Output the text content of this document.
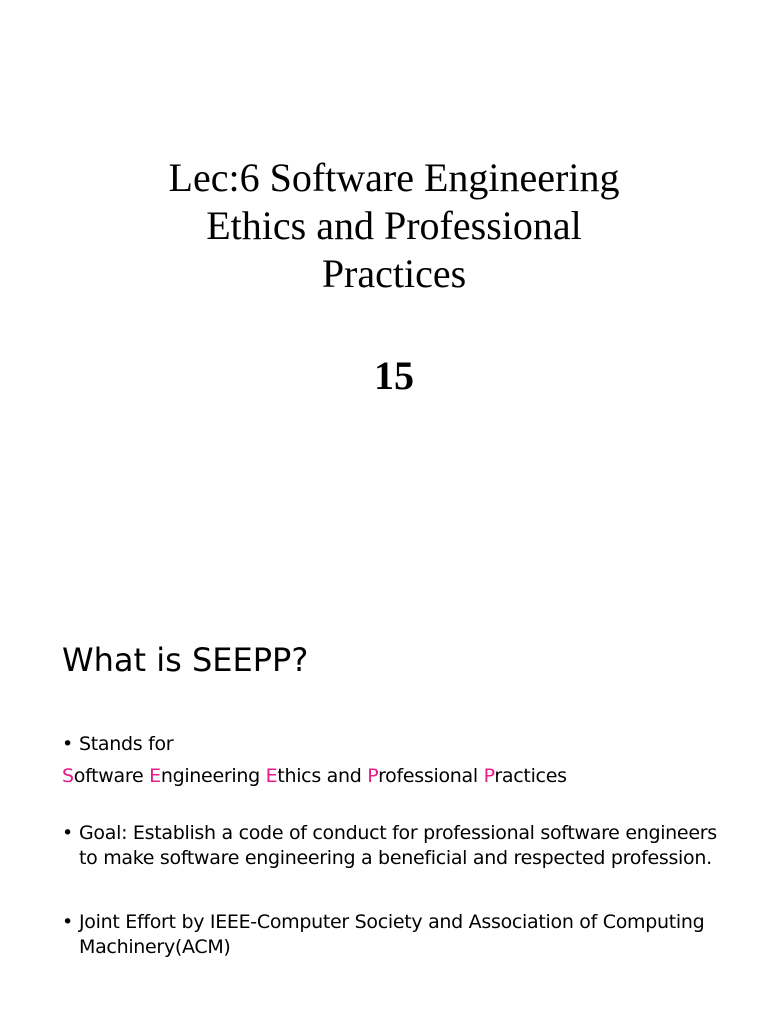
Lec:6 Software Engineering
Ethics and Professional
Practices
15
What is SEEPP?
• Stands for
Software Engineering Ethics and Professional Practices
• Goal: Establish a code of conduct for professional software engineers
to make software engineering a beneficial and respected profession.
• Joint Effort by IEEE-Computer Society and Association of Computing
Machinery(ACM)
